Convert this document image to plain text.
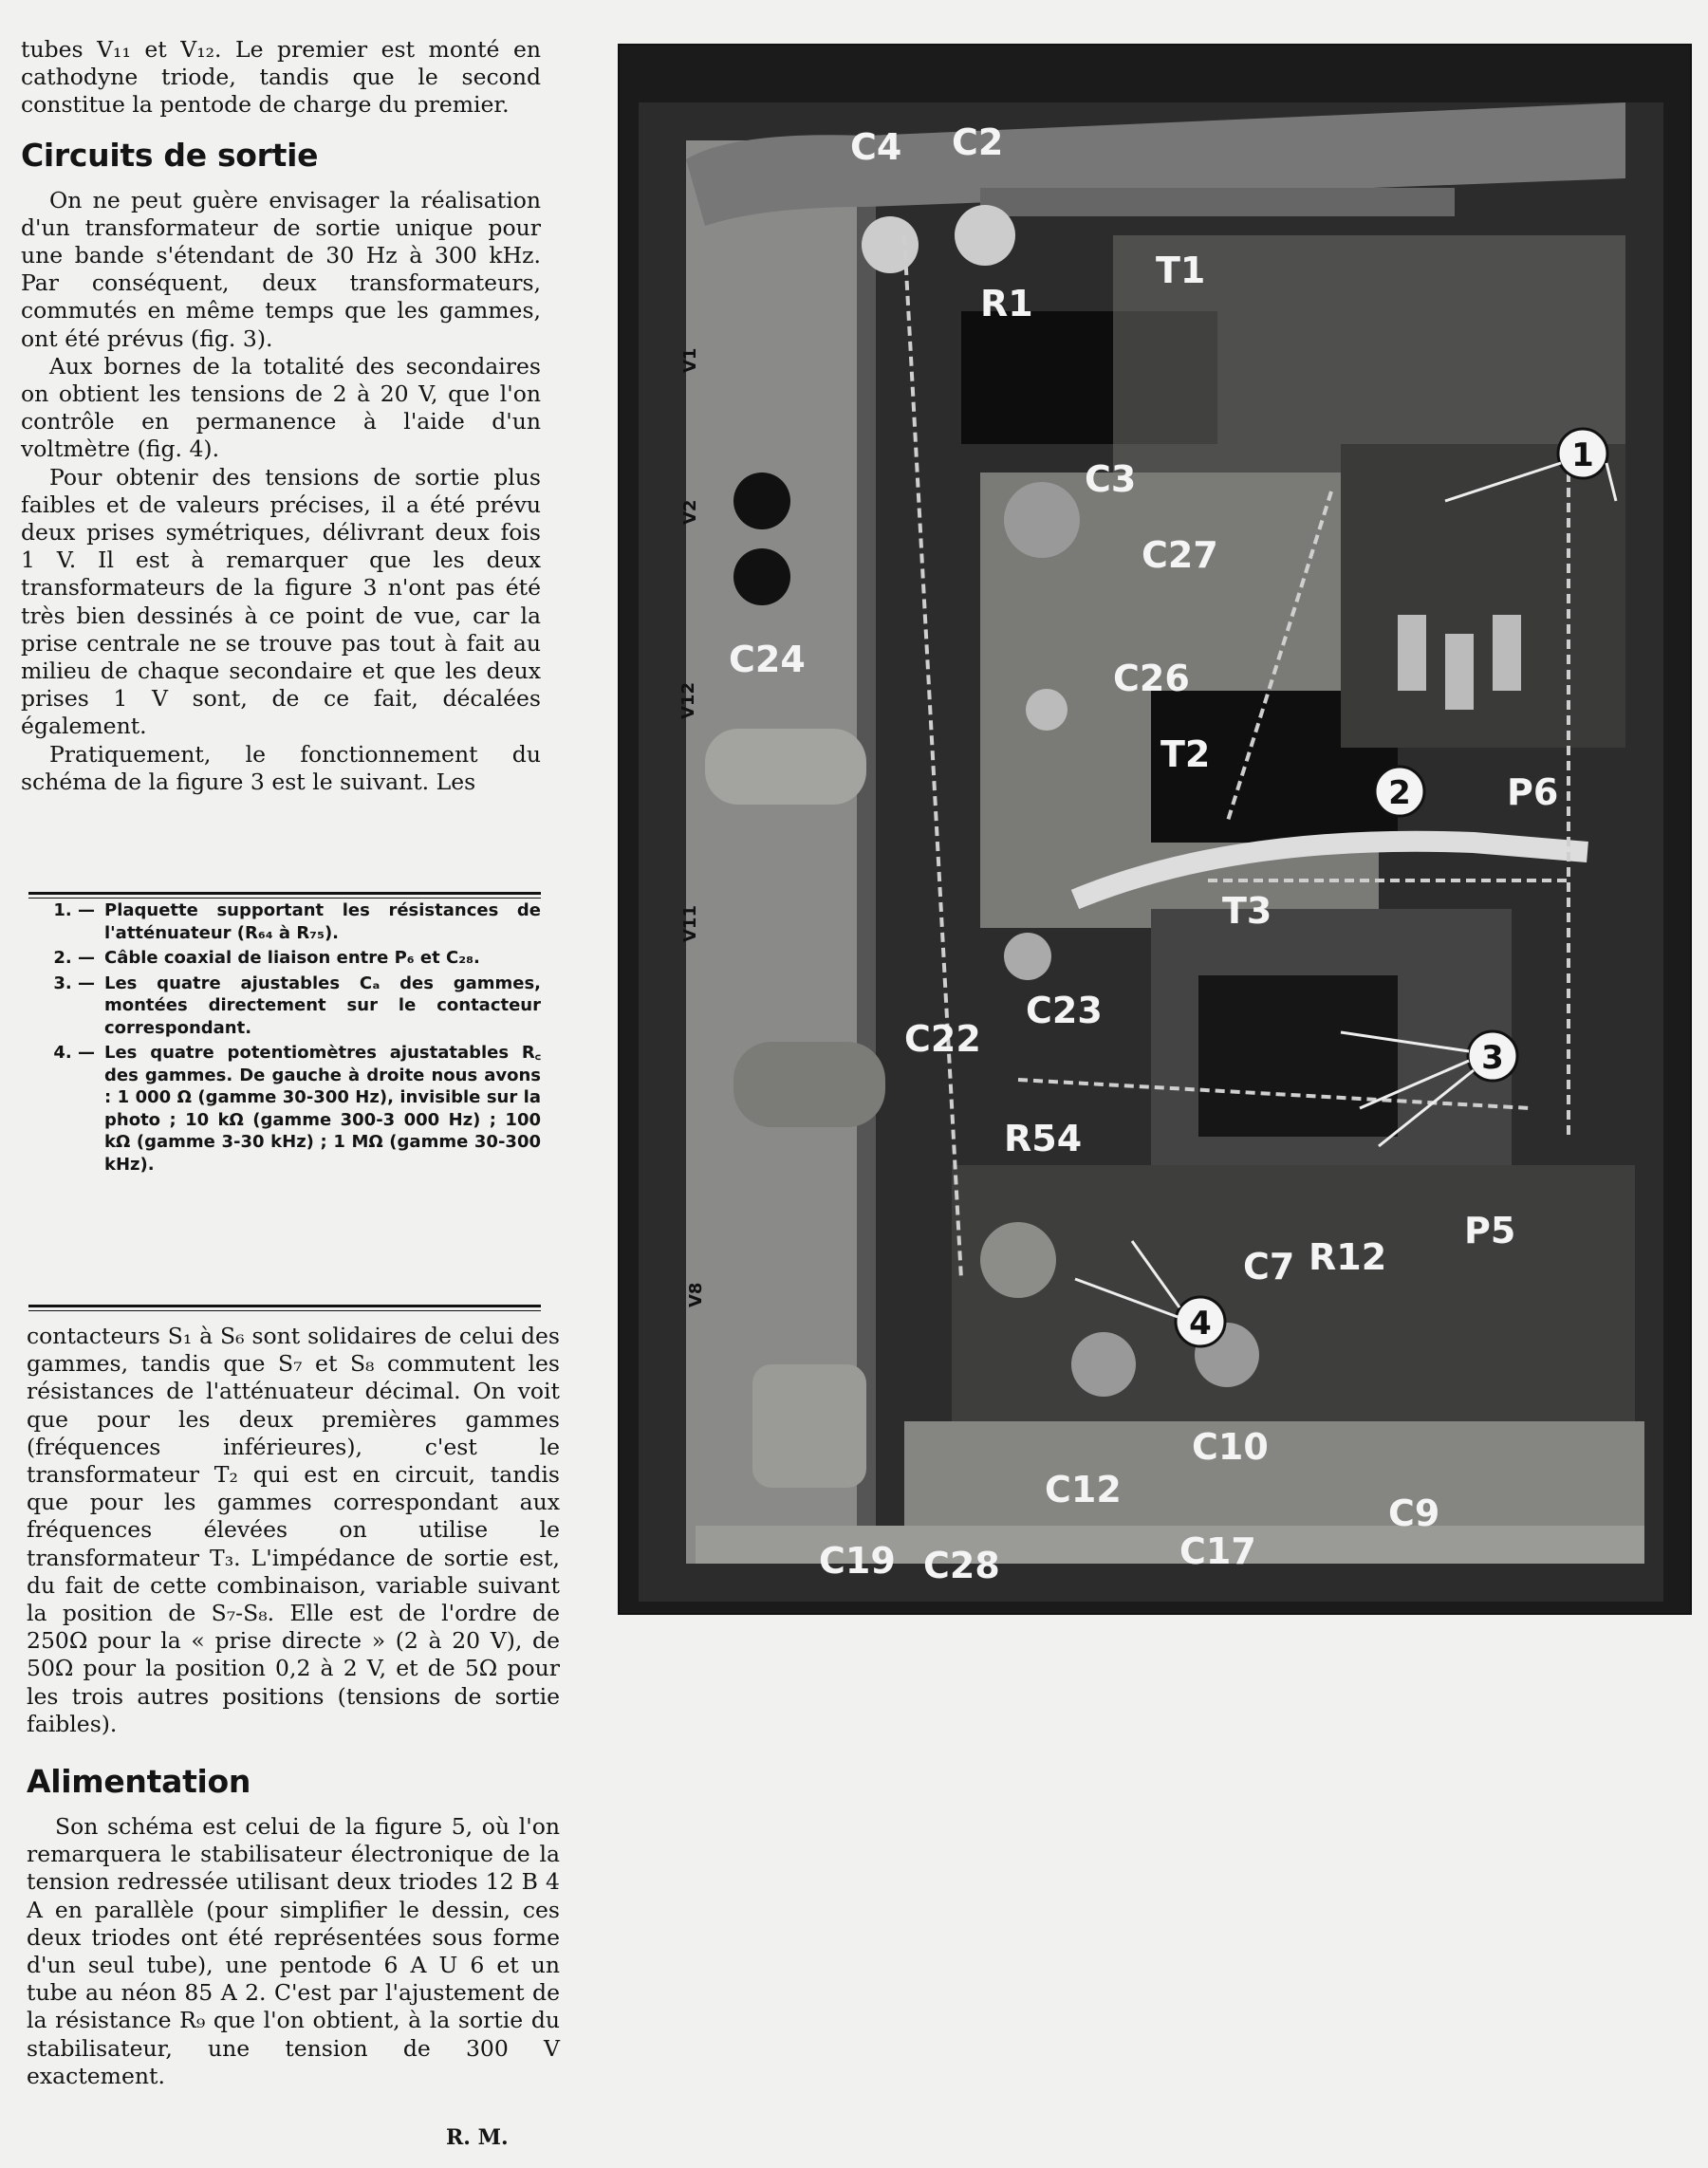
tubes V₁₁ et V₁₂. Le premier est monté en cathodyne triode, tandis que le second constitue la pentode de charge du premier.

Circuits de sortie

On ne peut guère envisager la réalisation d'un transformateur de sortie unique pour une bande s'étendant de 30 Hz à 300 kHz. Par conséquent, deux transformateurs, commutés en même temps que les gammes, ont été prévus (fig. 3).

Aux bornes de la totalité des secondaires on obtient les tensions de 2 à 20 V, que l'on contrôle en permanence à l'aide d'un voltmètre (fig. 4).

Pour obtenir des tensions de sortie plus faibles et de valeurs précises, il a été prévu deux prises symétriques, délivrant deux fois 1 V. Il est à remarquer que les deux transformateurs de la figure 3 n'ont pas été très bien dessinés à ce point de vue, car la prise centrale ne se trouve pas tout à fait au milieu de chaque secondaire et que les deux prises 1 V sont, de ce fait, décalées également.

Pratiquement, le fonctionnement du schéma de la figure 3 est le suivant. Les

1. — Plaquette supportant les résistances de l'atténuateur (R₆₄ à R₇₅).
2. — Câble coaxial de liaison entre P₆ et C₂₈.
3. — Les quatre ajustables Cₐ des gammes, montées directement sur le contacteur correspondant.
4. — Les quatre potentiomètres ajustatables R꜀ des gammes. De gauche à droite nous avons : 1 000 Ω (gamme 30-300 Hz), invisible sur la photo ; 10 kΩ (gamme 300-3 000 Hz) ; 100 kΩ (gamme 3-30 kHz) ; 1 MΩ (gamme 30-300 kHz).

contacteurs S₁ à S₆ sont solidaires de celui des gammes, tandis que S₇ et S₈ commutent les résistances de l'atténuateur décimal. On voit que pour les deux premières gammes (fréquences inférieures), c'est le transformateur T₂ qui est en circuit, tandis que pour les gammes correspondant aux fréquences élevées on utilise le transformateur T₃. L'impédance de sortie est, du fait de cette combinaison, variable suivant la position de S₇-S₈. Elle est de l'ordre de 250Ω pour la « prise directe » (2 à 20 V), de 50Ω pour la position 0,2 à 2 V, et de 5Ω pour les trois autres positions (tensions de sortie faibles).

Alimentation

Son schéma est celui de la figure 5, où l'on remarquera le stabilisateur électronique de la tension redressée utilisant deux triodes 12 B 4 A en parallèle (pour simplifier le dessin, ces deux triodes ont été représentées sous forme d'un seul tube), une pentode 6 A U 6 et un tube au néon 85 A 2. C'est par l'ajustement de la résistance R₉ que l'on obtient, à la sortie du stabilisateur, une tension de 300 V exactement.

R. M.
V1
V2
V12
V11
V8
C4 C2
R1
T1
C3
C27
C24	C26
T2
P6
T3
C23
C22
R54
C7 R12
P5
C10
C12
C9
C19 C28	C17
1
2
3
4
